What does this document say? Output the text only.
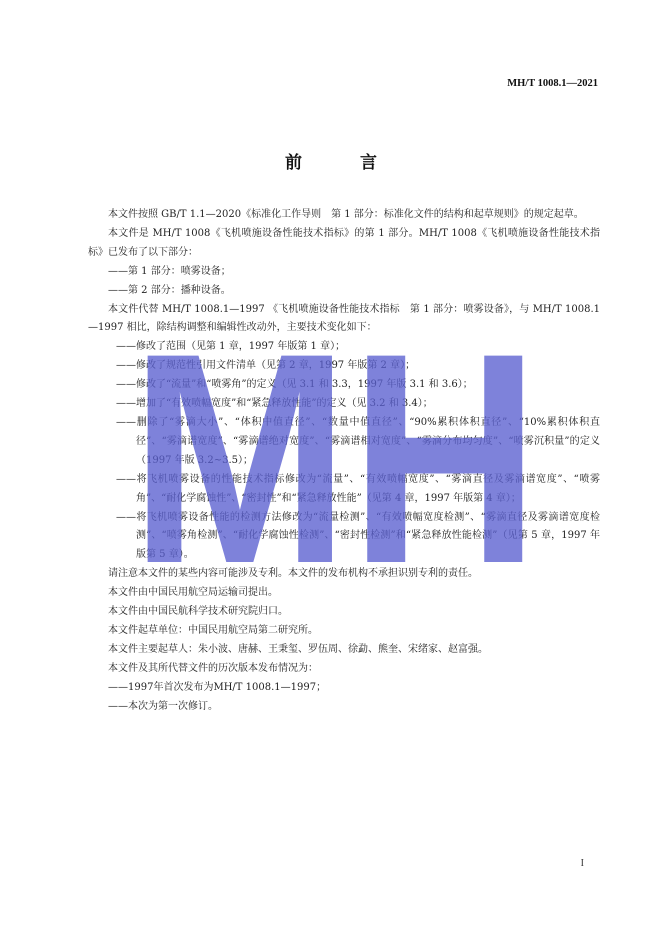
MH/T 1008.1—2021
前 言

本文件按照 GB/T 1.1—2020《标准化工作导则　第 1 部分：标准化文件的结构和起草规则》的规定起草。

本文件是 MH/T 1008《飞机喷施设备性能技术指标》的第 1 部分。MH/T 1008《飞机喷施设备性能技术指标》已发布了以下部分：

——第 1 部分：喷雾设备；

——第 2 部分：播种设备。

本文件代替 MH/T 1008.1—1997 《飞机喷施设备性能技术指标　第 1 部分：喷雾设备》，与 MH/T 1008.1—1997 相比，除结构调整和编辑性改动外，主要技术变化如下：

——修改了范围（见第 1 章，1997 年版第 1 章）；

——修改了规范性引用文件清单（见第 2 章，1997 年版第 2 章）；

——修改了“流量”和“喷雾角”的定义（见 3.1 和 3.3，1997 年版 3.1 和 3.6）；

——增加了“有效喷幅宽度”和“紧急释放性能”的定义（见 3.2 和 3.4）；

——删除了“雾滴大小”、“体积中值直径”、“数量中值直径”、“90%累积体积直径”、“10%累积体积直径”、“雾滴谱宽度”、“雾滴谱绝对宽度”、“雾滴谱相对宽度”、“雾滴分布均匀度”、“喷雾沉积量”的定义（1997 年版 3.2~3.5）；

——将飞机喷雾设备的性能技术指标修改为“流量”、“有效喷幅宽度”、“雾滴直径及雾滴谱宽度”、“喷雾角”、“耐化学腐蚀性”、“密封性”和“紧急释放性能”（见第 4 章，1997 年版第 4 章）；

——将飞机喷雾设备性能的检测方法修改为“流量检测”、“有效喷幅宽度检测”、“雾滴直径及雾滴谱宽度检测”、“喷雾角检测”、“耐化学腐蚀性检测”、“密封性检测”和“紧急释放性能检测”（见第 5 章，1997 年版第 5 章）。

请注意本文件的某些内容可能涉及专利。本文件的发布机构不承担识别专利的责任。

本文件由中国民用航空局运输司提出。

本文件由中国民航科学技术研究院归口。

本文件起草单位：中国民用航空局第二研究所。

本文件主要起草人：朱小波、唐赫、王秉玺、罗伍周、徐勐、熊奎、宋绪家、赵富强。

本文件及其所代替文件的历次版本发布情况为：

——1997年首次发布为MH/T 1008.1—1997；

——本次为第一次修订。

MH
I
